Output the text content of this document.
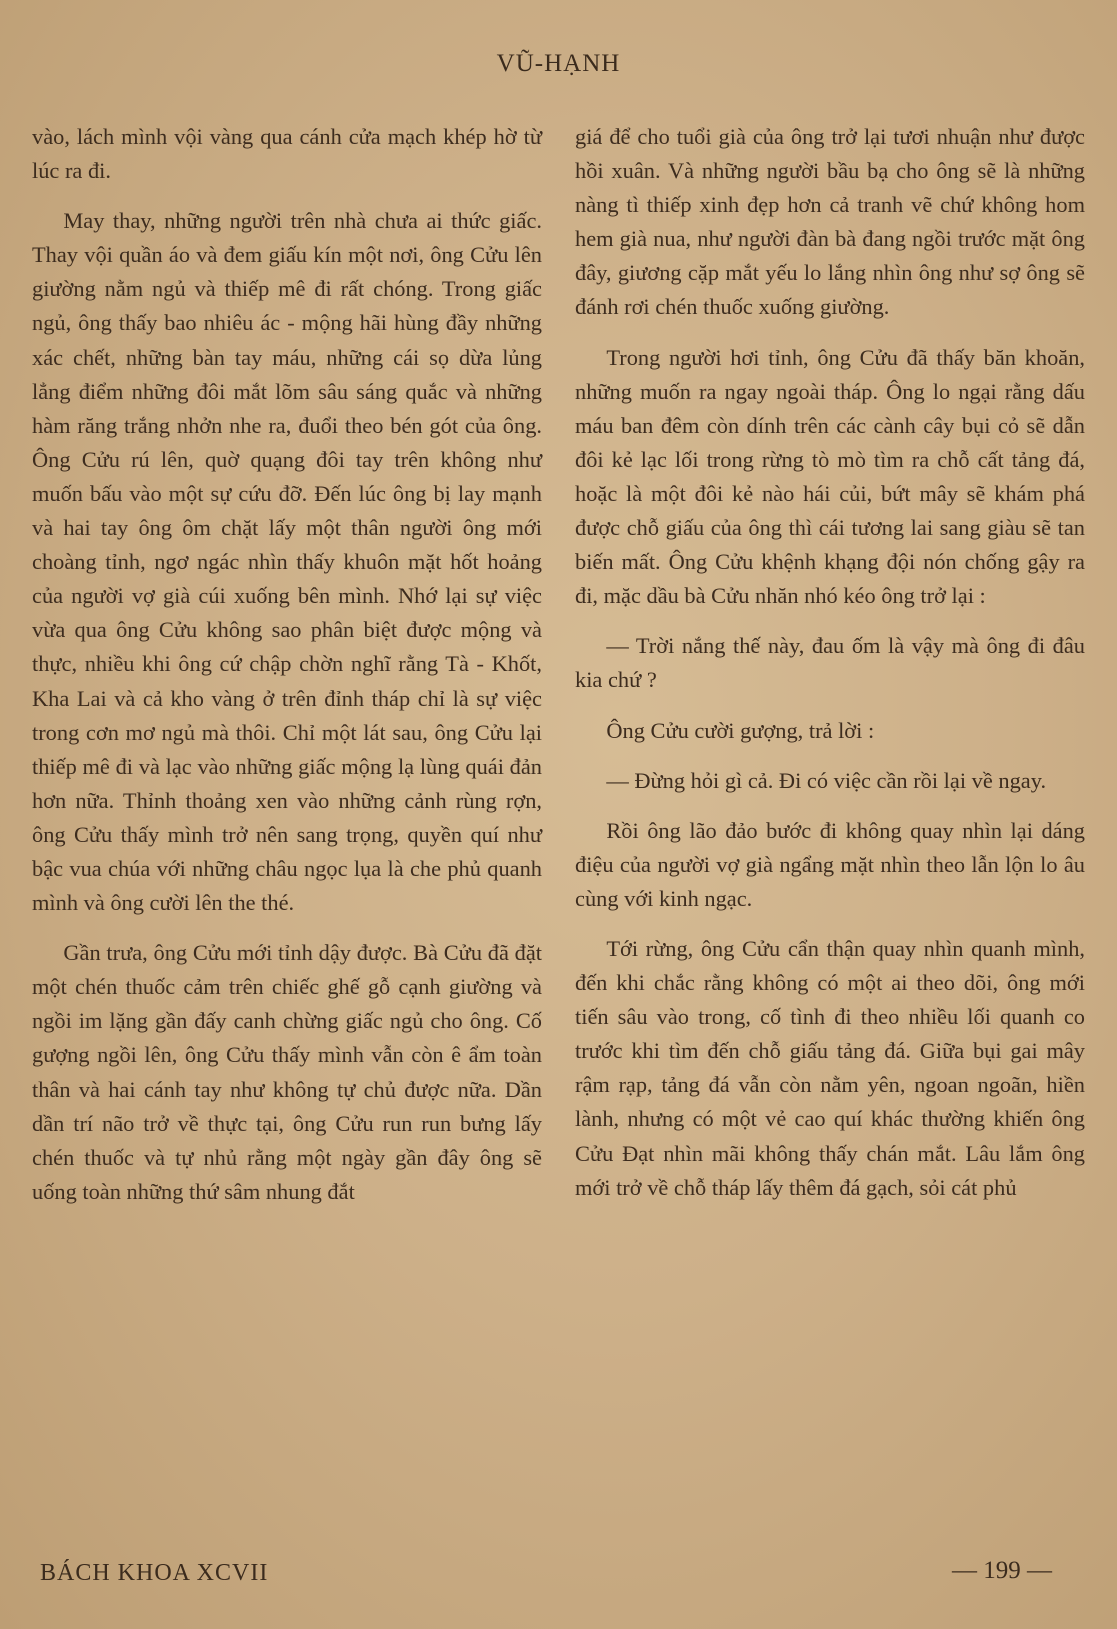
VŨ-HẠNH

vào, lách mình vội vàng qua cánh cửa mạch khép hờ từ lúc ra đi.

May thay, những người trên nhà chưa ai thức giấc. Thay vội quần áo và đem giấu kín một nơi, ông Cửu lên giường nằm ngủ và thiếp mê đi rất chóng. Trong giấc ngủ, ông thấy bao nhiêu ác - mộng hãi hùng đầy những xác chết, những bàn tay máu, những cái sọ dừa lủng lẳng điểm những đôi mắt lõm sâu sáng quắc và những hàm răng trắng nhởn nhe ra, đuổi theo bén gót của ông. Ông Cửu rú lên, quờ quạng đôi tay trên không như muốn bấu vào một sự cứu đỡ. Đến lúc ông bị lay mạnh và hai tay ông ôm chặt lấy một thân người ông mới choàng tỉnh, ngơ ngác nhìn thấy khuôn mặt hốt hoảng của người vợ già cúi xuống bên mình. Nhớ lại sự việc vừa qua ông Cửu không sao phân biệt được mộng và thực, nhiều khi ông cứ chập chờn nghĩ rằng Tà - Khốt, Kha Lai và cả kho vàng ở trên đỉnh tháp chỉ là sự việc trong cơn mơ ngủ mà thôi. Chỉ một lát sau, ông Cửu lại thiếp mê đi và lạc vào những giấc mộng lạ lùng quái đản hơn nữa. Thỉnh thoảng xen vào những cảnh rùng rợn, ông Cửu thấy mình trở nên sang trọng, quyền quí như bậc vua chúa với những châu ngọc lụa là che phủ quanh mình và ông cười lên the thé.

Gần trưa, ông Cửu mới tỉnh dậy được. Bà Cửu đã đặt một chén thuốc cảm trên chiếc ghế gỗ cạnh giường và ngồi im lặng gần đấy canh chừng giấc ngủ cho ông. Cố gượng ngồi lên, ông Cửu thấy mình vẫn còn ê ẩm toàn thân và hai cánh tay như không tự chủ được nữa. Dần dần trí não trở về thực tại, ông Cửu run run bưng lấy chén thuốc và tự nhủ rằng một ngày gần đây ông sẽ uống toàn những thứ sâm nhung đắt

giá để cho tuổi già của ông trở lại tươi nhuận như được hồi xuân. Và những người bầu bạ cho ông sẽ là những nàng tì thiếp xinh đẹp hơn cả tranh vẽ chứ không hom hem già nua, như người đàn bà đang ngồi trước mặt ông đây, giương cặp mắt yếu lo lắng nhìn ông như sợ ông sẽ đánh rơi chén thuốc xuống giường.

Trong người hơi tỉnh, ông Cửu đã thấy băn khoăn, những muốn ra ngay ngoài tháp. Ông lo ngại rằng dấu máu ban đêm còn dính trên các cành cây bụi cỏ sẽ dẫn đôi kẻ lạc lối trong rừng tò mò tìm ra chỗ cất tảng đá, hoặc là một đôi kẻ nào hái củi, bứt mây sẽ khám phá được chỗ giấu của ông thì cái tương lai sang giàu sẽ tan biến mất. Ông Cửu khệnh khạng đội nón chống gậy ra đi, mặc dầu bà Cửu nhăn nhó kéo ông trở lại :

— Trời nắng thế này, đau ốm là vậy mà ông đi đâu kia chứ ?

Ông Cửu cười gượng, trả lời :

— Đừng hỏi gì cả. Đi có việc cần rồi lại về ngay.

Rồi ông lão đảo bước đi không quay nhìn lại dáng điệu của người vợ già ngẩng mặt nhìn theo lẫn lộn lo âu cùng với kinh ngạc.

Tới rừng, ông Cửu cẩn thận quay nhìn quanh mình, đến khi chắc rằng không có một ai theo dõi, ông mới tiến sâu vào trong, cố tình đi theo nhiều lối quanh co trước khi tìm đến chỗ giấu tảng đá. Giữa bụi gai mây rậm rạp, tảng đá vẫn còn nằm yên, ngoan ngoãn, hiền lành, nhưng có một vẻ cao quí khác thường khiến ông Cửu Đạt nhìn mãi không thấy chán mắt. Lâu lắm ông mới trở về chỗ tháp lấy thêm đá gạch, sỏi cát phủ

BÁCH KHOA XCVII	— 199 —
